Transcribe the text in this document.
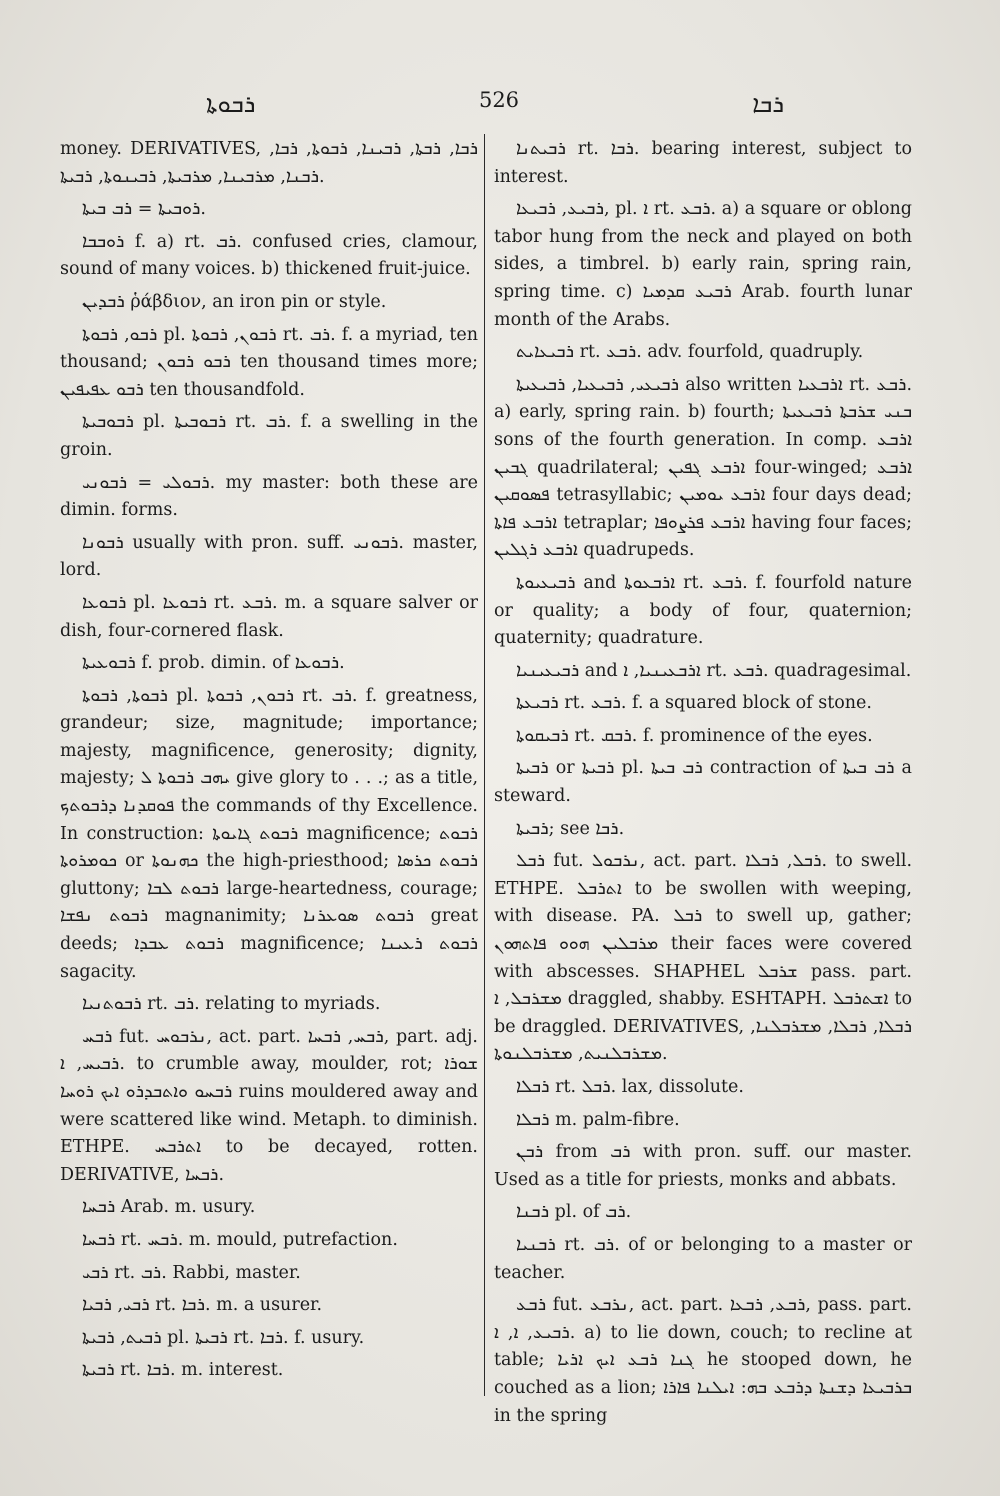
ܪܒܘܬܐ	526	ܪܒܐ

money. DERIVATIVES, ܪܒܐ, ܪܒܬܐ, ܪܒܝܢܐ, ܪܒܘܬܐ, ܪܒܐ, ܪܒܢܐ, ܡܪܒܝܢܐ, ܡܪܒܝܬܐ, ܪܒܝܢܘܬܐ, ܪܒܝܬܐ.

ܪܘܒܝܬܐ = ܪܒ ܒܝܬܐ.

ܪܘܒܒܐ f. a) rt. ܪܒ. confused cries, clamour, sound of many voices. b) thickened fruit-juice.

ܪܒܕܝܢ ῥάβδιον, an iron pin or style.

ܪܒܘ, ܪܒܘܬܐ pl. ܪܒܘܢ, ܪܒܘܬܐ rt. ܪܒ. f. a myriad, ten thousand; ܪܒܘ ܪܒܘܢ ten thousand times more; ܪܒܘ ܥܦܝܦܝܢ ten thousandfold.

ܪܒܘܒܝܬܐ pl. ܪܒܘܒܝܬܐ rt. ܪܒ. f. a swelling in the groin.

ܪܒܘܠܝ = ܪܒܘܢܝ. my master: both these are dimin. forms.

ܪܒܘܢܐ usually with pron. suff. ܪܒܘܢܝ. master, lord.

ܪܒܘܥܐ pl. ܪܒܘܥܐ rt. ܪܒܥ. m. a square salver or dish, four-cornered flask.

ܪܒܘܥܝܬܐ f. prob. dimin. of ܪܒܘܥܐ.

ܪܒܘܬܐ, ܪܒܘܬܐ pl. ܪܒܘܢ, ܪܒܘܬܐ rt. ܪܒ. f. greatness, grandeur; size, magnitude; importance; majesty, magnificence, generosity; dignity, majesty; ܝܗܒ ܪܒܘܬܐ ܠ give glory to . . .; as a title, ܦܘܩܕܢܐ ܕܪܒܘܬܟ the commands of thy Excellence. In construction: ܪܒܘܬ ܓܐܝܘܬܐ magnificence; ܪܒܘܬ ܟܘܡܪܘܬܐ or ܟܗܢܘܬܐ the high-priesthood; ܪܒܘܬ ܟܪܣܐ gluttony; ܪܒܘܬ ܠܒܐ large-heartedness, courage; ܪܒܘܬ ܢܦܫܐ magnanimity; ܪܒܘܬ ܣܘܥܪܢܐ great deeds; ܪܒܘܬ ܥܒܕܐ magnificence; ܪܒܘܬ ܪܥܝܢܐ sagacity.

ܪܒܘܬܢܝܐ rt. ܪܒ. relating to myriads.

ܪܒܚ fut. ܢܪܒܘܚ, act. part. ܪܒܚ, ܪܒܚܐ, part. adj. ܪܒܝܚ, ܐ. to crumble away, moulder, rot; ܫܘܪܐ ܪܒܚܘ ܘܐܬܒܕܪܘ ܐܝܟ ܪܘܚܐ ruins mouldered away and were scattered like wind. Metaph. to diminish. ETHPE. ܐܬܪܒܚ to be decayed, rotten. DERIVATIVE, ܪܒܚܐ.

ܪܒܚܐ Arab. m. usury.

ܪܒܚܐ rt. ܪܒܚ. m. mould, putrefaction.

ܪܒܝ rt. ܪܒ. Rabbi, master.

ܪܒܝ, ܪܒܝܐ rt. ܪܒܐ. m. a usurer.

ܪܒܝܬ, ܪܒܝܬܐ pl. ܪܒܝܬܐ rt. ܪܒܐ. f. usury.

ܪܒܝܬܐ rt. ܪܒܐ. m. interest.

ܪܒܝܬܢܐ rt. ܪܒܐ. bearing interest, subject to interest.

ܪܒܝܥ, ܪܒܝܥܐ, pl. ܐ rt. ܪܒܥ. a) a square or oblong tabor hung from the neck and played on both sides, a timbrel. b) early rain, spring rain, spring time. c) ܪܒܝܥ ܩܕܡܝܐ Arab. fourth lunar month of the Arabs.

ܪܒܝܥܐܝܬ rt. ܪܒܥ. adv. fourfold, quadruply.

ܪܒܝܥܝ, ܪܒܝܥܝܐ, ܪܒܝܥܝܬܐ also written ܐܪܒܥܝܐ rt. ܪܒܥ. a) early, spring rain. b) fourth; ܒܢܝ ܫܪܒܬܐ ܪܒܝܥܝܬܐ sons of the fourth generation. In comp. ܐܪܒܥ ܓܒܝܢ quadrilateral; ܐܪܒܥ ܓܦܝܢ four-winged; ܐܪܒܥ ܦܣܘܩܝܢ tetrasyllabic; ܐܪܒܥ ܝܘܡܝܢ four days dead; ܐܪܒܥ ܦܐܬܐ tetraplar; ܐܪܒܥ ܦܪܨܘܦܐ having four faces; ܐܪܒܥ ܪܓܠܝܢ quadrupeds.

ܪܒܝܥܝܘܬܐ and ܐܪܒܥܘܬܐ rt. ܪܒܥ. f. fourfold nature or quality; a body of four, quaternion; quaternity; quadrature.

ܪܒܝܥܝܢܝܐ and ܐܪܒܥܝܢܝܐ, ܐ rt. ܪܒܥ. quadragesimal.

ܪܒܝܥܬܐ rt. ܪܒܥ. f. a squared block of stone.

ܪܒܝܩܘܬܐ rt. ܪܒܩ. f. prominence of the eyes.

ܪܒܝܬܐ or ܪܒܝܬܐ pl. ܪܒ ܒܝܬܐ contraction of ܪܒ ܒܝܬܐ a steward.

ܪܒܝܬܐ; see ܪܒܐ.

ܪܒܠ fut. ܢܪܒܘܠ, act. part. ܪܒܠ, ܪܒܠܐ. to swell. ETHPE. ܐܬܪܒܠ to be swollen with weeping, with disease. PA. ܪܒܠ to swell up, gather; ܡܪܒܠܝܢ ܗܘܘ ܦܐܬܗܘܢ their faces were covered with abscesses. SHAPHEL ܫܪܒܠ pass. part. ܡܫܪܒܠ, ܐ draggled, shabby. ESHTAPH. ܐܫܬܪܒܠ to be draggled. DERIVATIVES, ܪܒܠܐ, ܪܒܠܐ, ܡܫܪܒܠܢܐ, ܡܫܪܒܠܢܝܬ, ܡܫܪܒܠܢܘܬܐ.

ܪܒܠܐ rt. ܪܒܠ. lax, dissolute.

ܪܒܠܐ m. palm-fibre.

ܪܒܢ from ܪܒ with pron. suff. our master. Used as a title for priests, monks and abbats.

ܪܒܢܐ pl. of ܪܒ.

ܪܒܢܝܐ rt. ܪܒ. of or belonging to a master or teacher.

ܪܒܥ fut. ܢܪܒܥ, act. part. ܪܒܥ, ܪܒܥܐ, pass. part. ܪܒܝܥ, ܐ, ܐ. a) to lie down, couch; to recline at table; ܓܢܐ ܪܒܥ ܐܝܟ ܐܪܝܐ he stooped down, he couched as a lion; ܒܪܒܝܥܐ ܕܫܢܬܐ ܕܪܒܥ ܒܗ: ܐܝܠܢܐ ܦܐܪܐ in the spring
